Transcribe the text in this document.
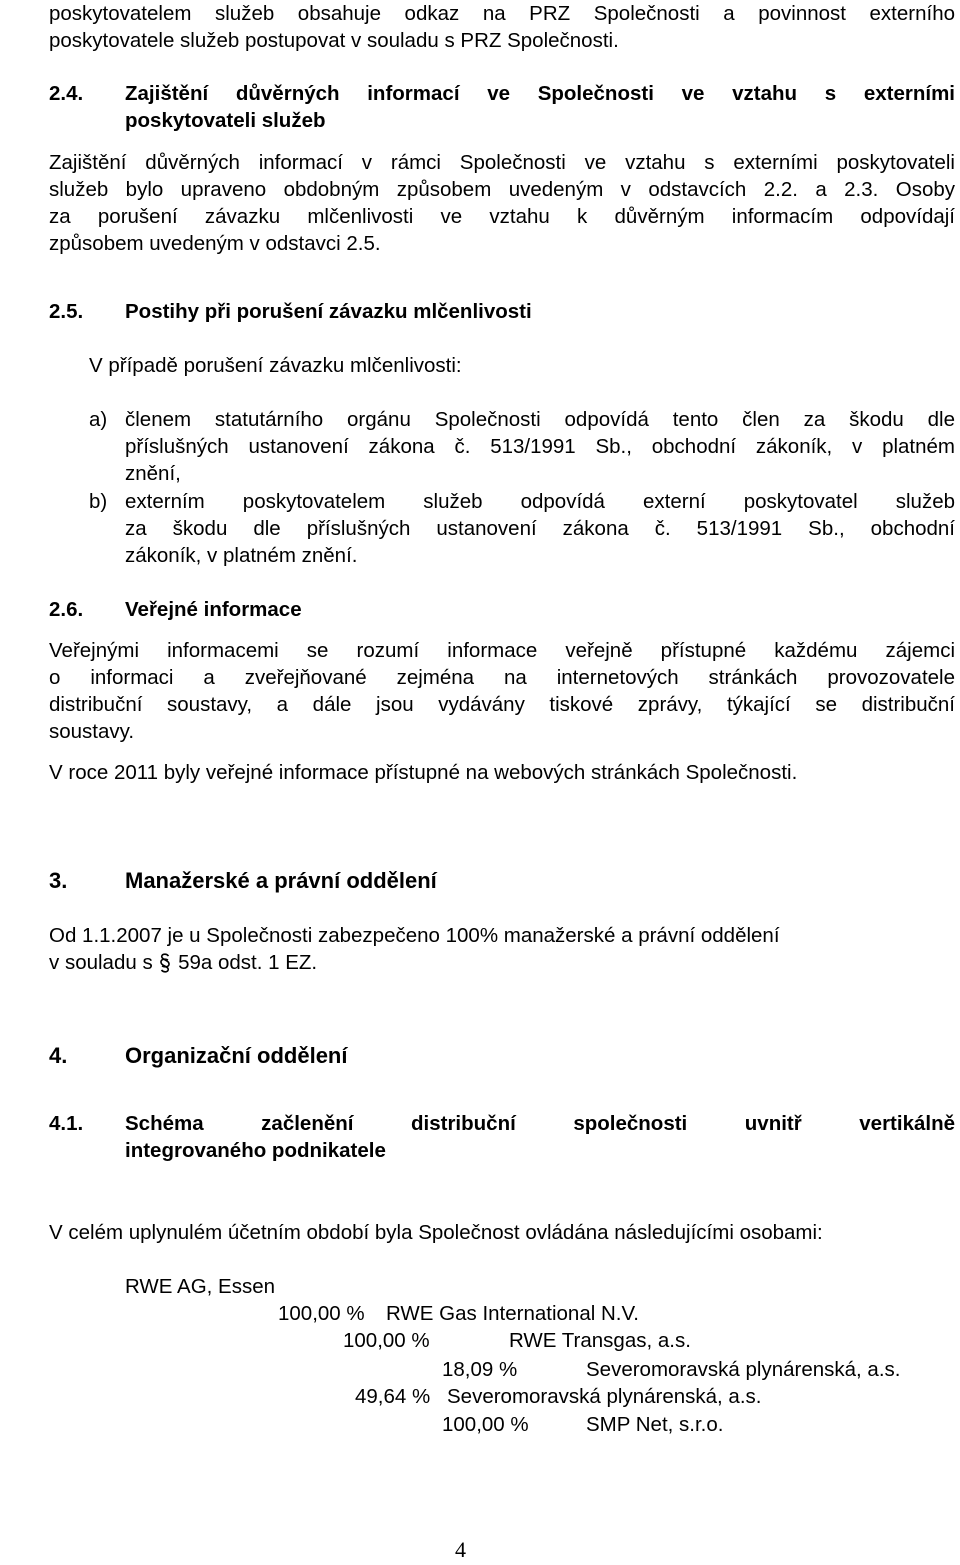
poskytovatelem služeb obsahuje odkaz na PRZ Společnosti a povinnost externího
poskytovatele služeb postupovat v souladu s PRZ Společnosti.
2.4. Zajištění důvěrných informací ve Společnosti ve vztahu s externími
poskytovateli služeb
Zajištění důvěrných informací v rámci Společnosti ve vztahu s externími poskytovateli
služeb bylo upraveno obdobným způsobem uvedeným v odstavcích 2.2. a 2.3. Osoby
za porušení závazku mlčenlivosti ve vztahu k důvěrným informacím odpovídají
způsobem uvedeným v odstavci 2.5.
2.5. Postihy při porušení závazku mlčenlivosti
V případě porušení závazku mlčenlivosti:
a) členem statutárního orgánu Společnosti odpovídá tento člen za škodu dle
příslušných ustanovení zákona č. 513/1991 Sb., obchodní zákoník, v platném
znění,
b) externím poskytovatelem služeb odpovídá externí poskytovatel služeb
za škodu dle příslušných ustanovení zákona č. 513/1991 Sb., obchodní
zákoník, v platném znění.
2.6. Veřejné informace
Veřejnými informacemi se rozumí informace veřejně přístupné každému zájemci
o informaci a zveřejňované zejména na internetových stránkách provozovatele
distribuční soustavy, a dále jsou vydávány tiskové zprávy, týkající se distribuční
soustavy.
V roce 2011 byly veřejné informace přístupné na webových stránkách Společnosti.
3.	Manažerské a právní oddělení
Od 1.1.2007 je u Společnosti zabezpečeno 100% manažerské a právní oddělení
v souladu s  59a odst. 1 EZ.
4.	Organizační oddělení
4.1. Schéma začlenění distribuční společnosti uvnitř vertikálně
integrovaného podnikatele
V celém uplynulém účetním období byla Společnost ovládána následujícími osobami:
RWE AG, Essen
100,00 % RWE Gas International N.V.
100,00 %	RWE Transgas, a.s.
18,09 %	Severomoravská plynárenská, a.s.
49,64 % Severomoravská plynárenská, a.s.
100,00 %	SMP Net, s.r.o.
4
